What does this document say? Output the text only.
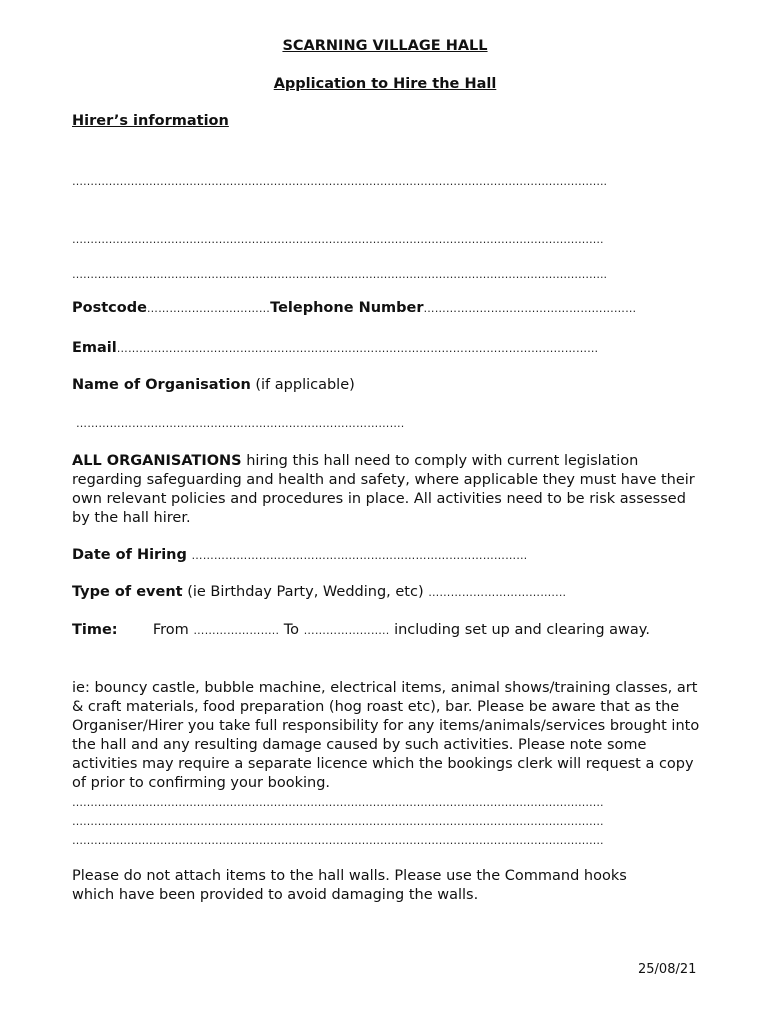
SCARNING VILLAGE HALL
Application to Hire the Hall
Hirer’s information
………………………………………………………………………………………………………………………………..
……………………………………………………………………………………………………………………………….
………………………………………………………………………………………………………………………………..
Postcode……………………………Telephone Number…………………………………………………
Email…………………………………………………………………………………………………………………
Name of Organisation (if applicable)
…………………………………………………………………………….
ALL ORGANISATIONS hiring this hall need to comply with current legislation regarding safeguarding and health and safety, where applicable they must have their own relevant policies and procedures in place. All activities need to be risk assessed by the hall hirer.
Date of Hiring ………………………………………………………………………………
Type of event (ie Birthday Party, Wedding, etc) ……………………………....
Time: From ………………….. To ………………….. including set up and clearing away.
ie: bouncy castle, bubble machine, electrical items, animal shows/training classes, art & craft materials, food preparation (hog roast etc), bar. Please be aware that as the Organiser/Hirer you take full responsibility for any items/animals/services brought into the hall and any resulting damage caused by such activities. Please note some activities may require a separate licence which the bookings clerk will request a copy of prior to confirming your booking.
……………………………………………………………………………………………………………………………….
……………………………………………………………………………………………………………………………….
……………………………………………………………………………………………………………………………….
Please do not attach items to the hall walls. Please use the Command hooks which have been provided to avoid damaging the walls.
25/08/21
